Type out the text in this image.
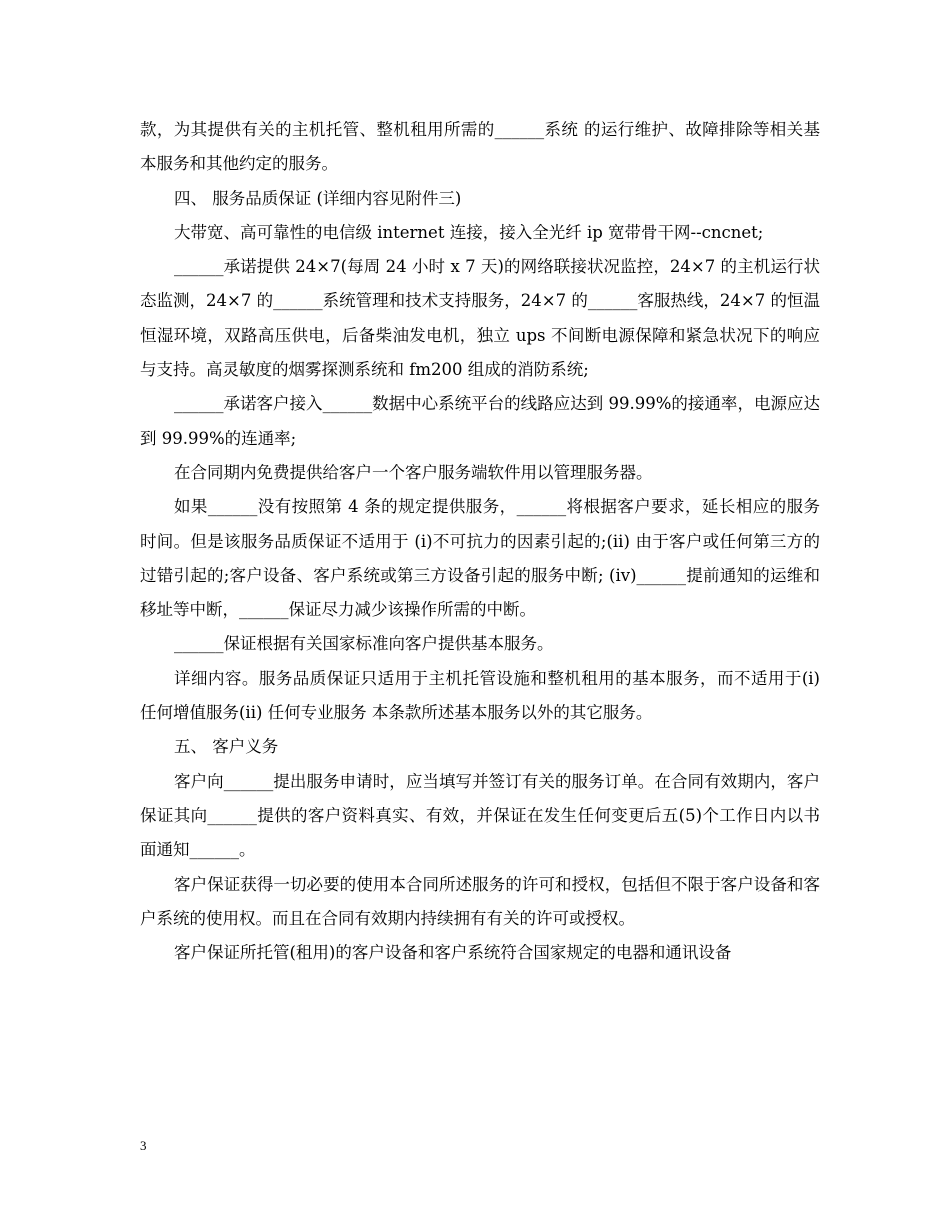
款，为其提供有关的主机托管、整机租用所需的______系统 的运行维护、故障排除等相关基本服务和其他约定的服务。

四、 服务品质保证 (详细内容见附件三)

大带宽、高可靠性的电信级 internet 连接，接入全光纤 ip 宽带骨干网--cncnet;

______承诺提供 24×7(每周 24 小时 x 7 天)的网络联接状况监控，24×7 的主机运行状态监测，24×7 的______系统管理和技术支持服务，24×7 的______客服热线，24×7 的恒温恒湿环境，双路高压供电，后备柴油发电机，独立 ups 不间断电源保障和紧急状况下的响应与支持。高灵敏度的烟雾探测系统和 fm200 组成的消防系统;

______承诺客户接入______数据中心系统平台的线路应达到 99.99%的接通率，电源应达到 99.99%的连通率;

在合同期内免费提供给客户一个客户服务端软件用以管理服务器。

如果______没有按照第 4 条的规定提供服务，______将根据客户要求，延长相应的服务时间。但是该服务品质保证不适用于 (i)不可抗力的因素引起的;(ii) 由于客户或任何第三方的过错引起的;客户设备、客户系统或第三方设备引起的服务中断; (iv)______提前通知的运维和移址等中断，______保证尽力减少该操作所需的中断。

______保证根据有关国家标准向客户提供基本服务。

详细内容。服务品质保证只适用于主机托管设施和整机租用的基本服务，而不适用于(i) 任何增值服务(ii) 任何专业服务 本条款所述基本服务以外的其它服务。

五、 客户义务

客户向______提出服务申请时，应当填写并签订有关的服务订单。在合同有效期内，客户保证其向______提供的客户资料真实、有效，并保证在发生任何变更后五(5)个工作日内以书面通知______。

客户保证获得一切必要的使用本合同所述服务的许可和授权，包括但不限于客户设备和客户系统的使用权。而且在合同有效期内持续拥有有关的许可或授权。

客户保证所托管(租用)的客户设备和客户系统符合国家规定的电器和通讯设备

3
